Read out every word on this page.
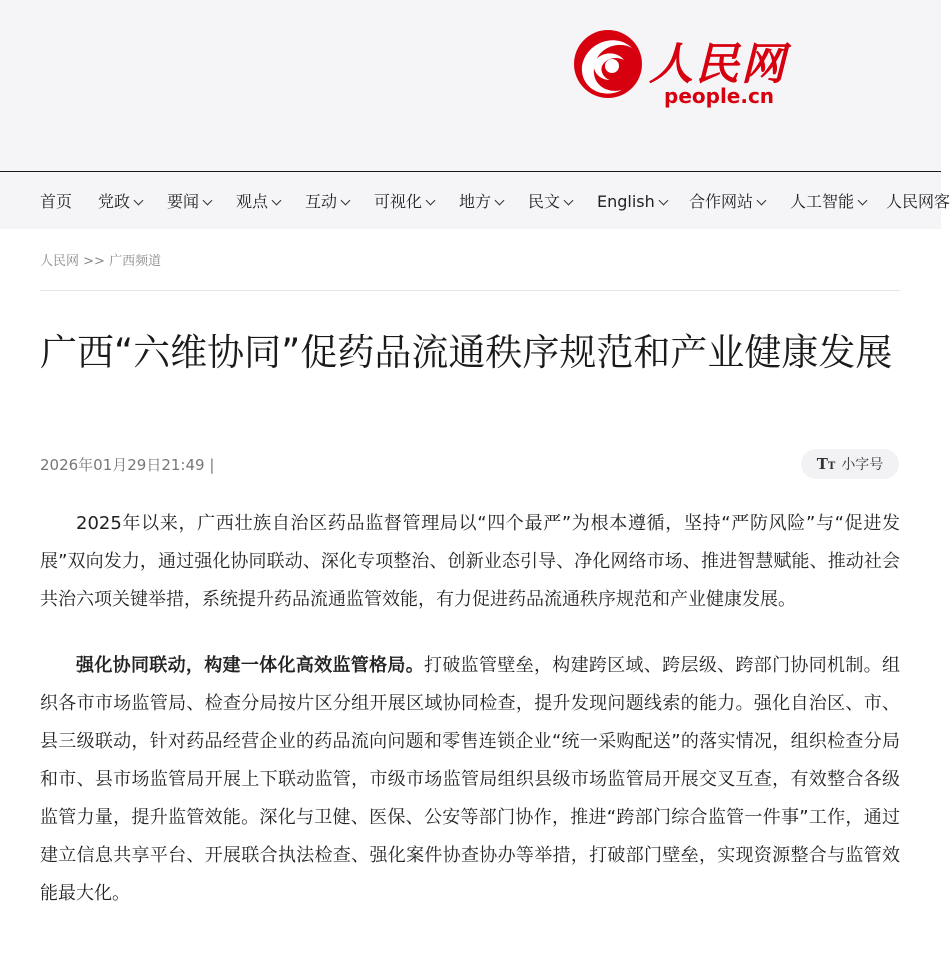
人民网
people.cn
首页 党政	要闻	观点	互动	可视化	地方	民文	English	合作网站	人工智能	人民网客
人民网 >> 广西频道
广西“六维协同”促药品流通秩序规范和产业健康发展
2026年01月29日21:49 |	TT 小字号

2025年以来，广西壮族自治区药品监督管理局以“四个最严”为根本遵循，坚持“严防风险”与“促进发展”双向发力，通过强化协同联动、深化专项整治、创新业态引导、净化网络市场、推进智慧赋能、推动社会共治六项关键举措，系统提升药品流通监管效能，有力促进药品流通秩序规范和产业健康发展。

强化协同联动，构建一体化高效监管格局。打破监管壁垒，构建跨区域、跨层级、跨部门协同机制。组织各市市场监管局、检查分局按片区分组开展区域协同检查，提升发现问题线索的能力。强化自治区、市、县三级联动，针对药品经营企业的药品流向问题和零售连锁企业“统一采购配送”的落实情况，组织检查分局和市、县市场监管局开展上下联动监管，市级市场监管局组织县级市场监管局开展交叉互查，有效整合各级监管力量，提升监管效能。深化与卫健、医保、公安等部门协作，推进“跨部门综合监管一件事”工作，通过建立信息共享平台、开展联合执法检查、强化案件协查协办等举措，打破部门壁垒，实现资源整合与监管效能最大化。
